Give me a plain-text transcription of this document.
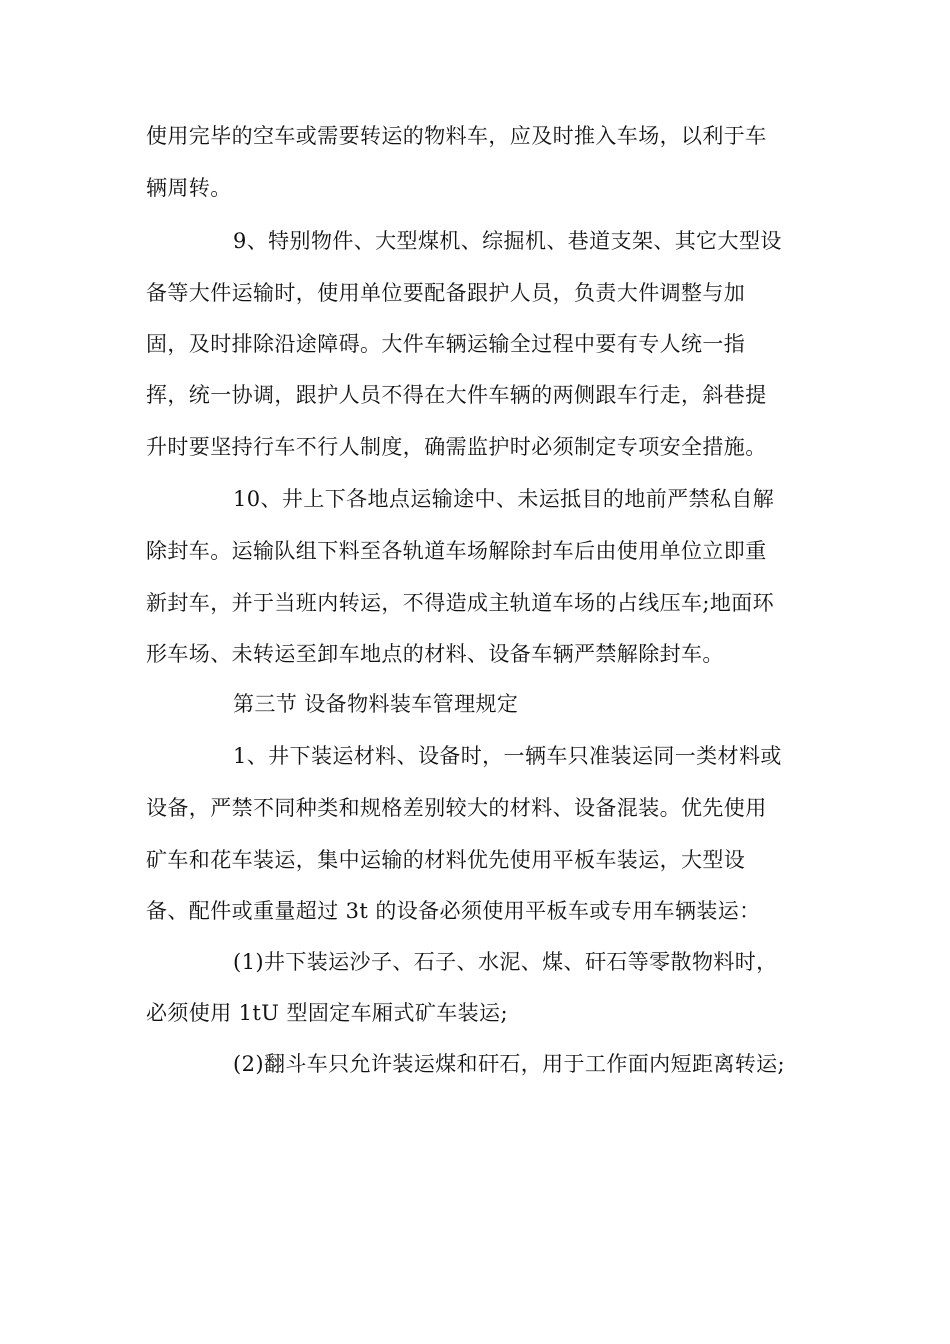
使用完毕的空车或需要转运的物料车，应及时推入车场，以利于车
辆周转。
9、特别物件、大型煤机、综掘机、巷道支架、其它大型设
备等大件运输时，使用单位要配备跟护人员，负责大件调整与加
固，及时排除沿途障碍。大件车辆运输全过程中要有专人统一指
挥，统一协调，跟护人员不得在大件车辆的两侧跟车行走，斜巷提
升时要坚持行车不行人制度，确需监护时必须制定专项安全措施。
10、井上下各地点运输途中、未运抵目的地前严禁私自解
除封车。运输队组下料至各轨道车场解除封车后由使用单位立即重
新封车，并于当班内转运，不得造成主轨道车场的占线压车;地面环
形车场、未转运至卸车地点的材料、设备车辆严禁解除封车。
第三节 设备物料装车管理规定
1、井下装运材料、设备时，一辆车只准装运同一类材料或
设备，严禁不同种类和规格差别较大的材料、设备混装。优先使用
矿车和花车装运，集中运输的材料优先使用平板车装运，大型设
备、配件或重量超过 3t 的设备必须使用平板车或专用车辆装运：
(1)井下装运沙子、石子、水泥、煤、矸石等零散物料时，
必须使用 1tU 型固定车厢式矿车装运;
(2)翻斗车只允许装运煤和矸石，用于工作面内短距离转运;
